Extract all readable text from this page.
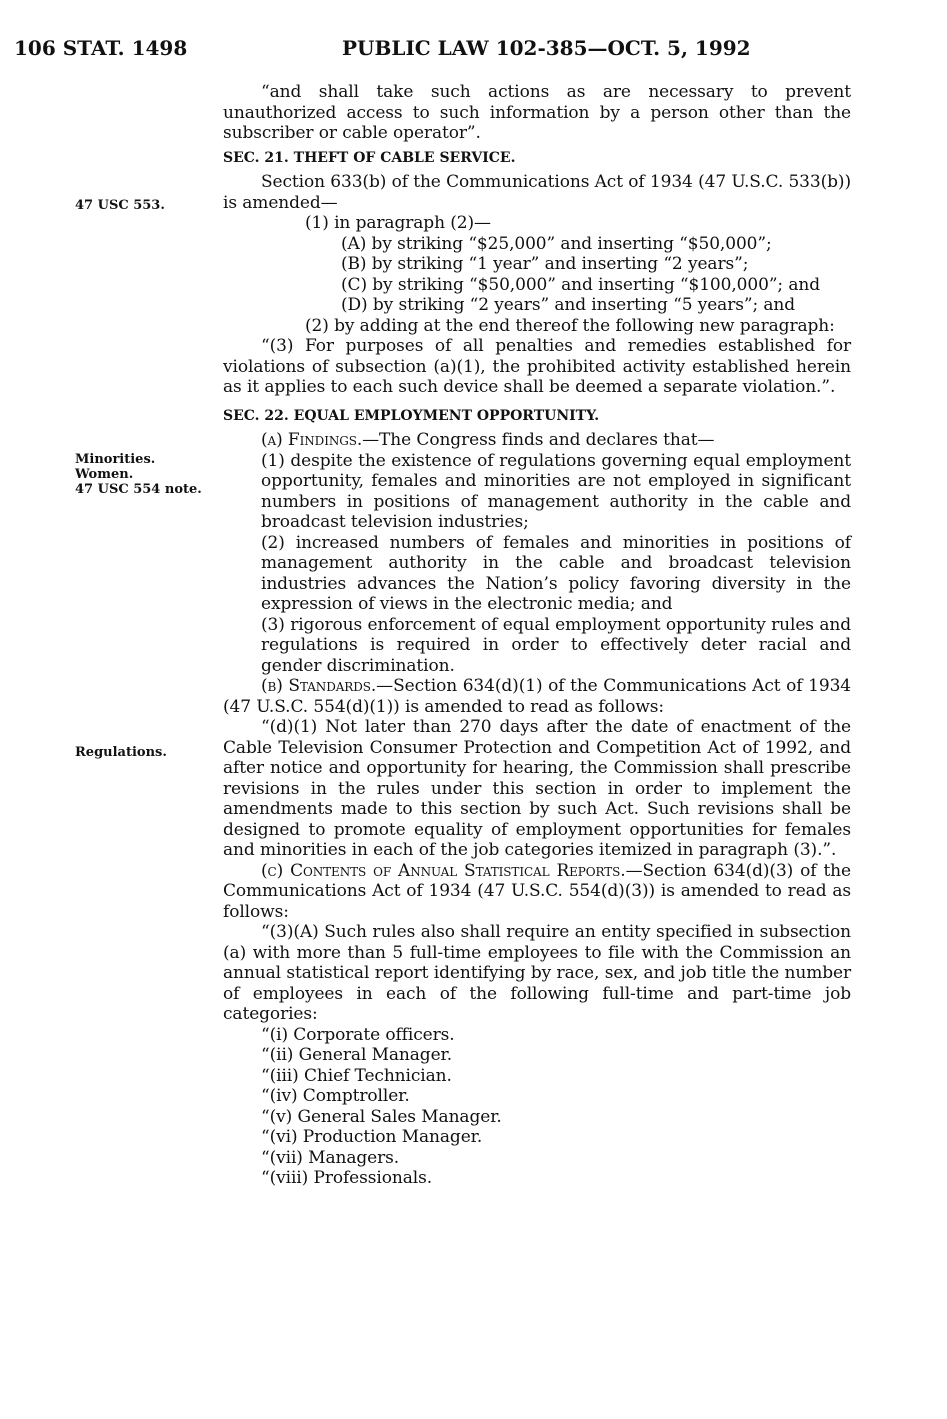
106 STAT. 1498	PUBLIC LAW 102-385—OCT. 5, 1992
47 USC 553.
Minorities.
Women.
47 USC 554 note.
Regulations.

“and shall take such actions as are necessary to prevent unauthorized access to such information by a person other than the subscriber or cable operator”.

SEC. 21. THEFT OF CABLE SERVICE.

Section 633(b) of the Communications Act of 1934 (47 U.S.C. 533(b)) is amended—

(1) in paragraph (2)—

(A) by striking “$25,000” and inserting “$50,000”;

(B) by striking “1 year” and inserting “2 years”;

(C) by striking “$50,000” and inserting “$100,000”; and

(D) by striking “2 years” and inserting “5 years”; and

(2) by adding at the end thereof the following new paragraph:

“(3) For purposes of all penalties and remedies established for violations of subsection (a)(1), the prohibited activity established herein as it applies to each such device shall be deemed a separate violation.”.

SEC. 22. EQUAL EMPLOYMENT OPPORTUNITY.

(a) Findings.—The Congress finds and declares that—

(1) despite the existence of regulations governing equal employment opportunity, females and minorities are not employed in significant numbers in positions of management authority in the cable and broadcast television industries;

(2) increased numbers of females and minorities in positions of management authority in the cable and broadcast television industries advances the Nation’s policy favoring diversity in the expression of views in the electronic media; and

(3) rigorous enforcement of equal employment opportunity rules and regulations is required in order to effectively deter racial and gender discrimination.

(b) Standards.—Section 634(d)(1) of the Communications Act of 1934 (47 U.S.C. 554(d)(1)) is amended to read as follows:

“(d)(1) Not later than 270 days after the date of enactment of the Cable Television Consumer Protection and Competition Act of 1992, and after notice and opportunity for hearing, the Commission shall prescribe revisions in the rules under this section in order to implement the amendments made to this section by such Act. Such revisions shall be designed to promote equality of employment opportunities for females and minorities in each of the job categories itemized in paragraph (3).”.

(c) Contents of Annual Statistical Reports.—Section 634(d)(3) of the Communications Act of 1934 (47 U.S.C. 554(d)(3)) is amended to read as follows:

“(3)(A) Such rules also shall require an entity specified in subsection (a) with more than 5 full-time employees to file with the Commission an annual statistical report identifying by race, sex, and job title the number of employees in each of the following full-time and part-time job categories:

“(i) Corporate officers.

“(ii) General Manager.

“(iii) Chief Technician.

“(iv) Comptroller.

“(v) General Sales Manager.

“(vi) Production Manager.

“(vii) Managers.

“(viii) Professionals.
